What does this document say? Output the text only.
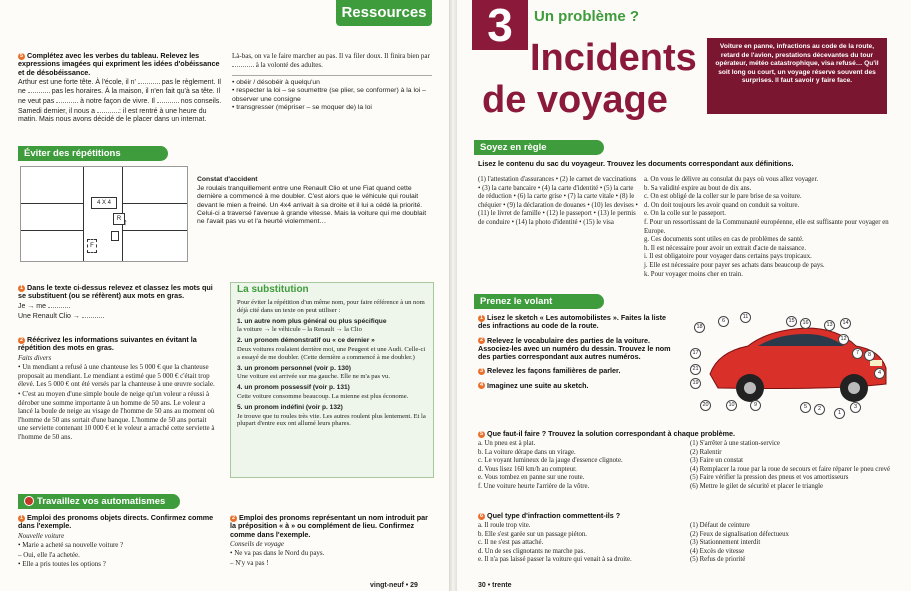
Ressources

5 Complétez avec les verbes du tableau. Relevez les expressions imagées qui expriment les idées d'obéissance et de désobéissance.

Arthur est une forte tête. À l'école, il n'	pas le règlement. Il ne	pas les horaires. À la maison, il n'en fait qu'à sa tête. Il ne veut pas	à notre façon de vivre. Il	nos conseils. Samedi dernier, il nous a	: il est rentré à une heure du matin. Mais nous avons décidé de le placer dans un internat.

Là-bas, on va le faire marcher au pas. Il va filer doux. Il finira bien par  à la volonté des adultes.

• obéir / désobéir à quelqu'un
• respecter la loi – se soumettre (se plier, se conformer) à la loi – observer une consigne
• transgresser (mépriser – se moquer de) la loi
Éviter des répétitions
4 X 4
R
F
↑

Constat d'accident

Je roulais tranquillement entre une Renault Clio et une Fiat quand cette dernière a commencé à me doubler. C'est alors que le véhicule qui roulait devant le mien a freiné. Un 4x4 arrivait à sa droite et il lui a cédé la priorité. Celui-ci a traversé l'avenue à grande vitesse. Mais la voiture qui me doublait ne l'avait pas vu et l'a heurté violemment…

1 Dans le texte ci-dessus relevez et classez les mots qui se substituent (ou se réfèrent) aux mots en gras.

Je → me

Une Renault Clio →

2 Réécrivez les informations suivantes en évitant la répétition des mots en gras.

Faits divers

• Un mendiant a refusé à une chanteuse les 5 000 € que la chanteuse proposait au mendiant. Le mendiant a estimé que 5 000 € c'était trop élevé. Les 5 000 € ont été versés par la chanteuse à une œuvre sociale.

• C'est au moyen d'une simple boule de neige qu'un voleur a réussi à dérober une somme importante à un homme de 50 ans. Le voleur a lancé la boule de neige au visage de l'homme de 50 ans au moment où l'homme de 50 ans sortait d'une banque. L'homme de 50 ans portait une serviette contenant 10 000 € et le voleur a arraché cette serviette à l'homme de 50 ans.

La substitution

Pour éviter la répétition d'un même nom, pour faire référence à un nom déjà cité dans un texte on peut utiliser :

1. un autre nom plus général ou plus spécifique

la voiture → le véhicule – la Renault → la Clio

2. un pronom démonstratif ou « ce dernier »

Deux voitures roulaient derrière moi, une Peugeot et une Audi. Celle-ci a essayé de me doubler. (Cette dernière a commencé à me doubler.)

3. un pronom personnel (voir p. 130)

Une voiture est arrivée sur ma gauche. Elle ne m'a pas vu.

4. un pronom possessif (voir p. 131)

Cette voiture consomme beaucoup. La mienne est plus économe.

5. un pronom indéfini (voir p. 132)

Je trouve que tu roules très vite. Les autres roulent plus lentement. Et la plupart d'entre eux ont allumé leurs phares.

Travaillez vos automatismes

1 Emploi des pronoms objets directs. Confirmez comme dans l'exemple.

Nouvelle voiture

• Marie a acheté sa nouvelle voiture ?

– Oui, elle l'a achetée.

• Elle a pris toutes les options ?

2 Emploi des pronoms représentant un nom introduit par la préposition « à » ou complément de lieu. Confirmez comme dans l'exemple.

Conseils de voyage

• Ne va pas dans le Nord du pays.

– N'y va pas !

vingt-neuf • 29
3	Un problème ?
Incidents
de voyage
Voiture en panne, infractions au code de la route, retard de l'avion, prestations décevantes du tour opérateur, météo catastrophique, visa refusé… Qu'il soit long ou court, un voyage réserve souvent des surprises. Il faut savoir y faire face.
Soyez en règle
Lisez le contenu du sac du voyageur. Trouvez les documents correspondant aux définitions.
(1) l'attestation d'assurances • (2) le carnet de vaccinations • (3) la carte bancaire • (4) la carte d'identité • (5) la carte de réduction • (6) la carte grise • (7) la carte vitale • (8) le chéquier • (9) la déclaration de douanes • (10) les devises • (11) le livret de famille • (12) le passeport • (13) le permis de conduire • (14) la photo d'identité • (15) le visa
a. On vous le délivre au consulat du pays où vous allez voyager.
b. Sa validité expire au bout de dix ans.
c. On est obligé de la coller sur le pare brise de sa voiture.
d. On doit toujours les avoir quand on conduit sa voiture.
e. On la colle sur le passeport.
f. Pour un ressortissant de la Communauté européenne, elle est suffisante pour voyager en Europe.
g. Ces documents sont utiles en cas de problèmes de santé.
h. Il est nécessaire pour avoir un extrait d'acte de naissance.
i. Il est obligatoire pour voyager dans certains pays tropicaux.
j. Elle est nécessaire pour payer ses achats dans beaucoup de pays.
k. Pour voyager moins cher en train.
Prenez le volant

1 Lisez le sketch « Les automobilistes ». Faites la liste des infractions au code de la route.

2 Relevez le vocabulaire des parties de la voiture. Associez-les avec un numéro du dessin. Trouvez le nom des parties correspondant aux autres numéros.

3 Relevez les façons familières de parler.

4 Imaginez une suite au sketch.

18
6
11
15	16	13	14
12
7	8
17
21
4
19
20	10	9	5	2
1
3

5 Que faut-il faire ? Trouvez la solution correspondant à chaque problème.

a. Un pneu est à plat.
b. La voiture dérape dans un virage.
c. Le voyant lumineux de la jauge d'essence clignote.
d. Vous lisez 160 km/h au compteur.
e. Vous tombez en panne sur une route.
f. Une voiture heurte l'arrière de la vôtre.
(1) S'arrêter à une station-service
(2) Ralentir
(3) Faire un constat
(4) Remplacer la roue par la roue de secours et faire réparer le pneu crevé
(5) Faire vérifier la pression des pneus et vos amortisseurs
(6) Mettre le gilet de sécurité et placer le triangle

6 Quel type d'infraction commettent-ils ?

a. Il roule trop vite.
b. Elle s'est garée sur un passage piéton.
c. Il ne s'est pas attaché.
d. Un de ses clignotants ne marche pas.
e. Il n'a pas laissé passer la voiture qui venait à sa droite.
(1) Défaut de ceinture
(2) Feux de signalisation défectueux
(3) Stationnement interdit
(4) Excès de vitesse
(5) Refus de priorité
30 • trente
